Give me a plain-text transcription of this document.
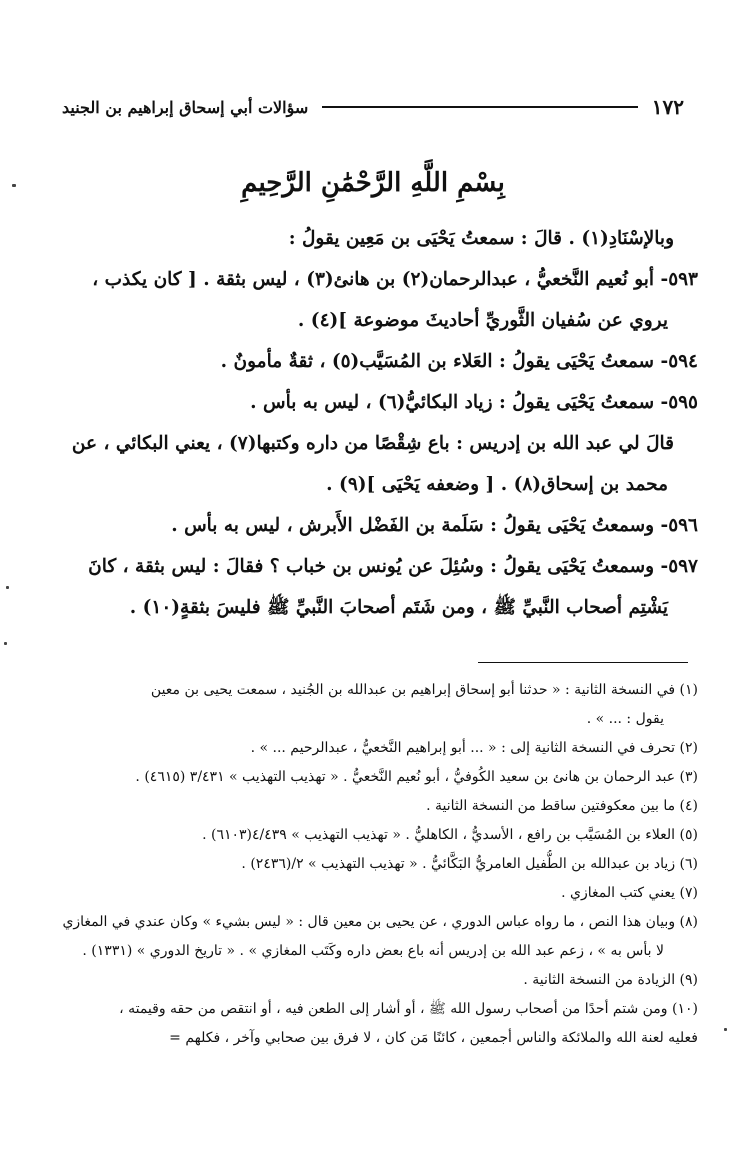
١٧٢
سؤالات أبي إسحاق إبراهيم بن الجنيد
بِسْمِ اللَّهِ الرَّحْمَٰنِ الرَّحِيمِ

وبالإسْنَادِ(١) . قالَ : سمعتُ يَحْيَى بن مَعِين يقولُ :

٥٩٣- أبو نُعيم النَّخعيُّ ، عبدالرحمان(٢) بن هانئ(٣) ، ليس بثقة . [ كان يكذب ،

يروي عن سُفيان الثَّوريِّ أحاديثَ موضوعة ](٤) .

٥٩٤- سمعتُ يَحْيَى يقولُ : العَلاء بن المُسَيَّب(٥) ، ثقةٌ مأمونٌ .

٥٩٥- سمعتُ يَحْيَى يقولُ : زياد البكائيُّ(٦) ، ليس به بأس .

قالَ لي عبد الله بن إدريس : باع شِقْصًا من داره وكتبها(٧) ، يعني البكائي ، عن

محمد بن إسحاق(٨) . [ وضعفه يَحْيَى ](٩) .

٥٩٦- وسمعتُ يَحْيَى يقولُ : سَلَمة بن الفَضْل الأَبرش ، ليس به بأس .

٥٩٧- وسمعتُ يَحْيَى يقولُ : وسُئِلَ عن يُونس بن خباب ؟ فقالَ : ليس بثقة ، كانَ

يَشْتِم أصحاب النَّبيِّ ﷺ ، ومن شَتَم أصحابَ النَّبيِّ ﷺ فليسَ بثقةٍ(١٠) .

(١) في النسخة الثانية : « حدثنا أبو إسحاق إبراهيم بن عبدالله بن الجُنيد ، سمعت يحيى بن معين

يقول : ... » .

(٢) تحرف في النسخة الثانية إلى : « ... أبو إبراهيم النَّخعيُّ ، عبدالرحيم ... » .

(٣) عبد الرحمان بن هانئ بن سعيد الكُوفيُّ ، أبو نُعيم النَّخعيُّ . « تهذيب التهذيب » ٣/٤٣١ (٤٦١٥) .

(٤) ما بين معكوفتين ساقط من النسخة الثانية .

(٥) العلاء بن المُسَيَّب بن رافع ، الأسديُّ ، الكاهليُّ . « تهذيب التهذيب » ٤/٤٣٩(٦١٠٣) .

(٦) زياد بن عبدالله بن الطُّفيل العامريُّ البَكَّائيُّ . « تهذيب التهذيب » ٢/(٢٤٣٦) .

(٧) يعني كتب المغازي .

(٨) وبيان هذا النص ، ما رواه عباس الدوري ، عن يحيى بن معين قال : « ليس بشيء » وكان عندي في المغازي

لا بأس به » ، زعم عبد الله بن إدريس أنه باع بعض داره وكَتَب المغازي » . « تاريخ الدوري » (١٣٣١) .

(٩) الزيادة من النسخة الثانية .

(١٠) ومن شتم أحدًا من أصحاب رسول الله ﷺ ، أو أشار إلى الطعن فيه ، أو انتقص من حقه وقيمته ،

فعليه لعنة الله والملائكة والناس أجمعين ، كائنًا مَن كان ، لا فرق بين صحابي وآخر ، فكلهم =
